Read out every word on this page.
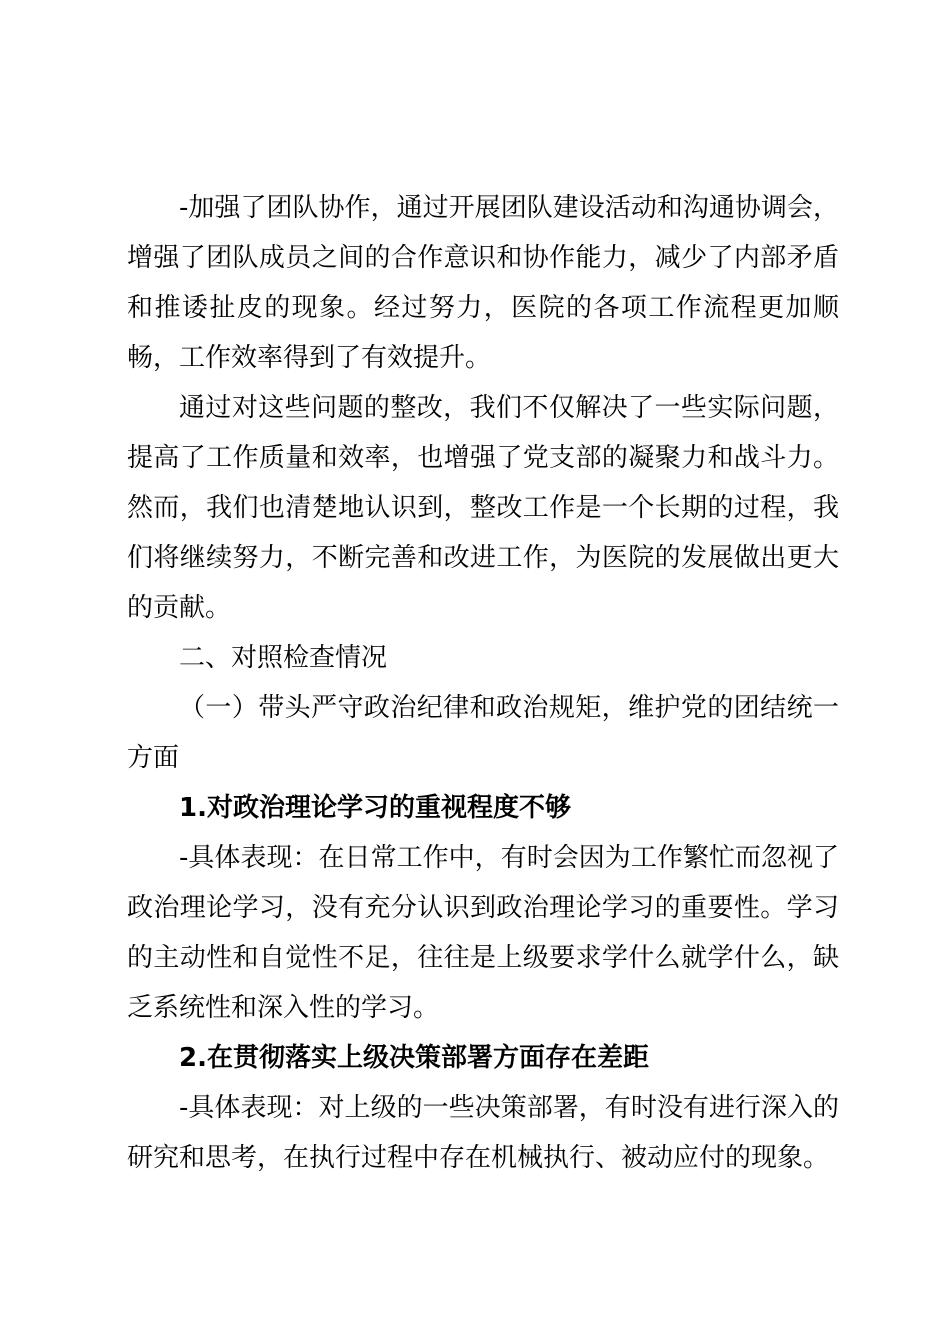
-加强了团队协作，通过开展团队建设活动和沟通协调会，增强了团队成员之间的合作意识和协作能力，减少了内部矛盾和推诿扯皮的现象。经过努力，医院的各项工作流程更加顺畅，工作效率得到了有效提升。

通过对这些问题的整改，我们不仅解决了一些实际问题，提高了工作质量和效率，也增强了党支部的凝聚力和战斗力。然而，我们也清楚地认识到，整改工作是一个长期的过程，我们将继续努力，不断完善和改进工作，为医院的发展做出更大的贡献。

二、对照检查情况

（一）带头严守政治纪律和政治规矩，维护党的团结统一方面

1.对政治理论学习的重视程度不够

-具体表现：在日常工作中，有时会因为工作繁忙而忽视了政治理论学习，没有充分认识到政治理论学习的重要性。学习的主动性和自觉性不足，往往是上级要求学什么就学什么，缺乏系统性和深入性的学习。

2.在贯彻落实上级决策部署方面存在差距

-具体表现：对上级的一些决策部署，有时没有进行深入的研究和思考，在执行过程中存在机械执行、被动应付的现象。
